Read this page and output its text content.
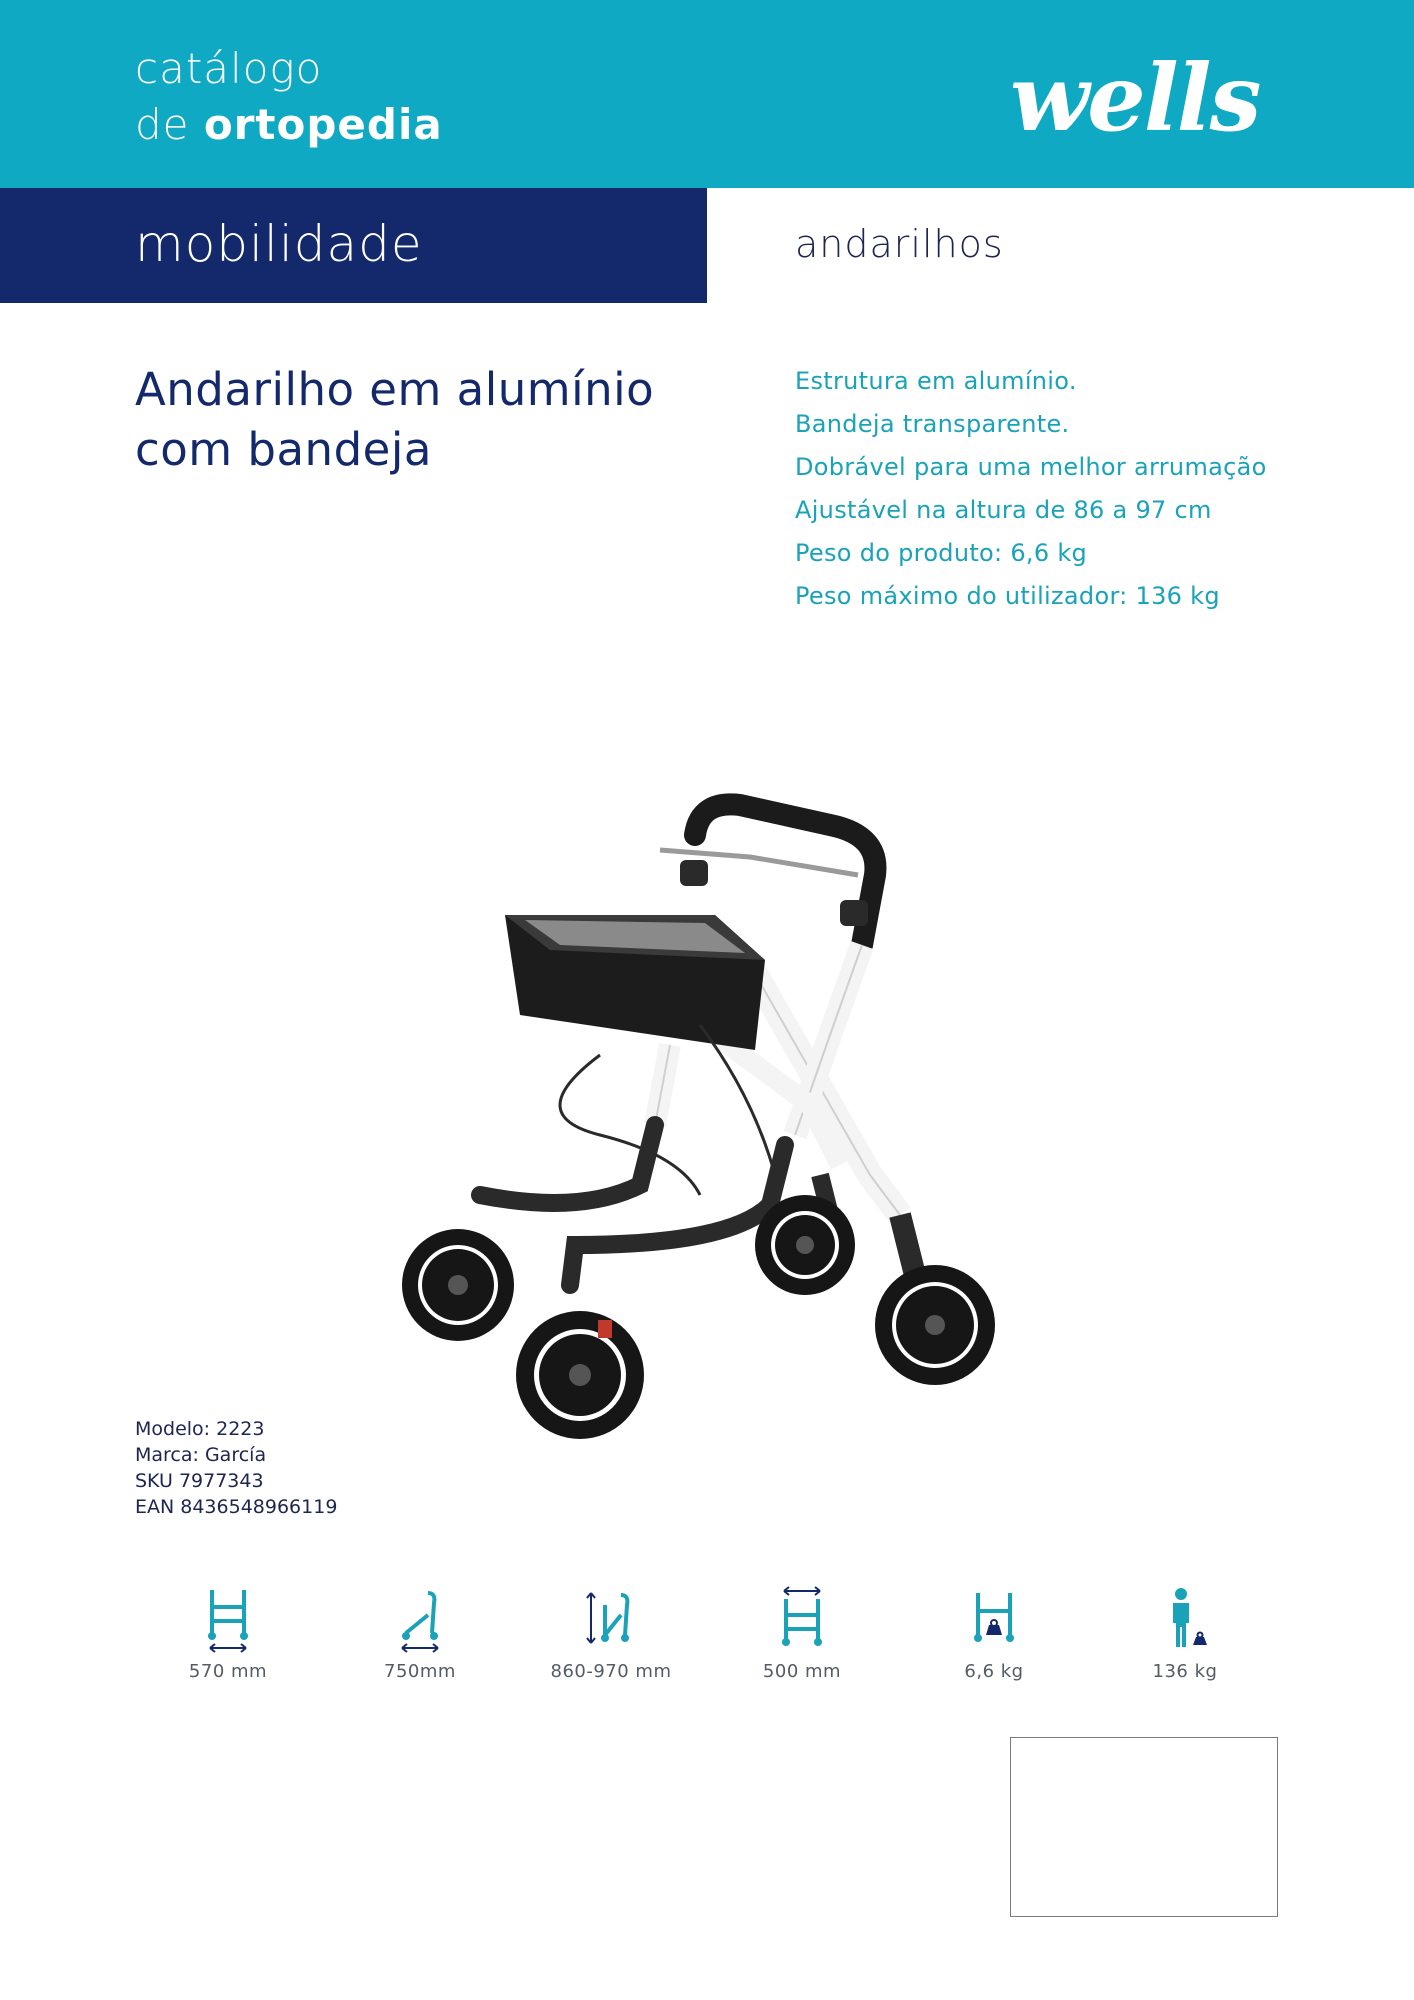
catálogo
de ortopedia	wells
mobilidade	andarilhos
Andarilho em alumínio
com bandeja
Estrutura em alumínio.
Bandeja transparente.
Dobrável para uma melhor arrumação
Ajustável na altura de 86 a 97 cm
Peso do produto: 6,6 kg
Peso máximo do utilizador: 136 kg
Modelo: 2223
Marca: García
SKU 7977343
EAN 8436548966119
570 mm	750mm	860-970 mm	500 mm	6,6 kg	136 kg
